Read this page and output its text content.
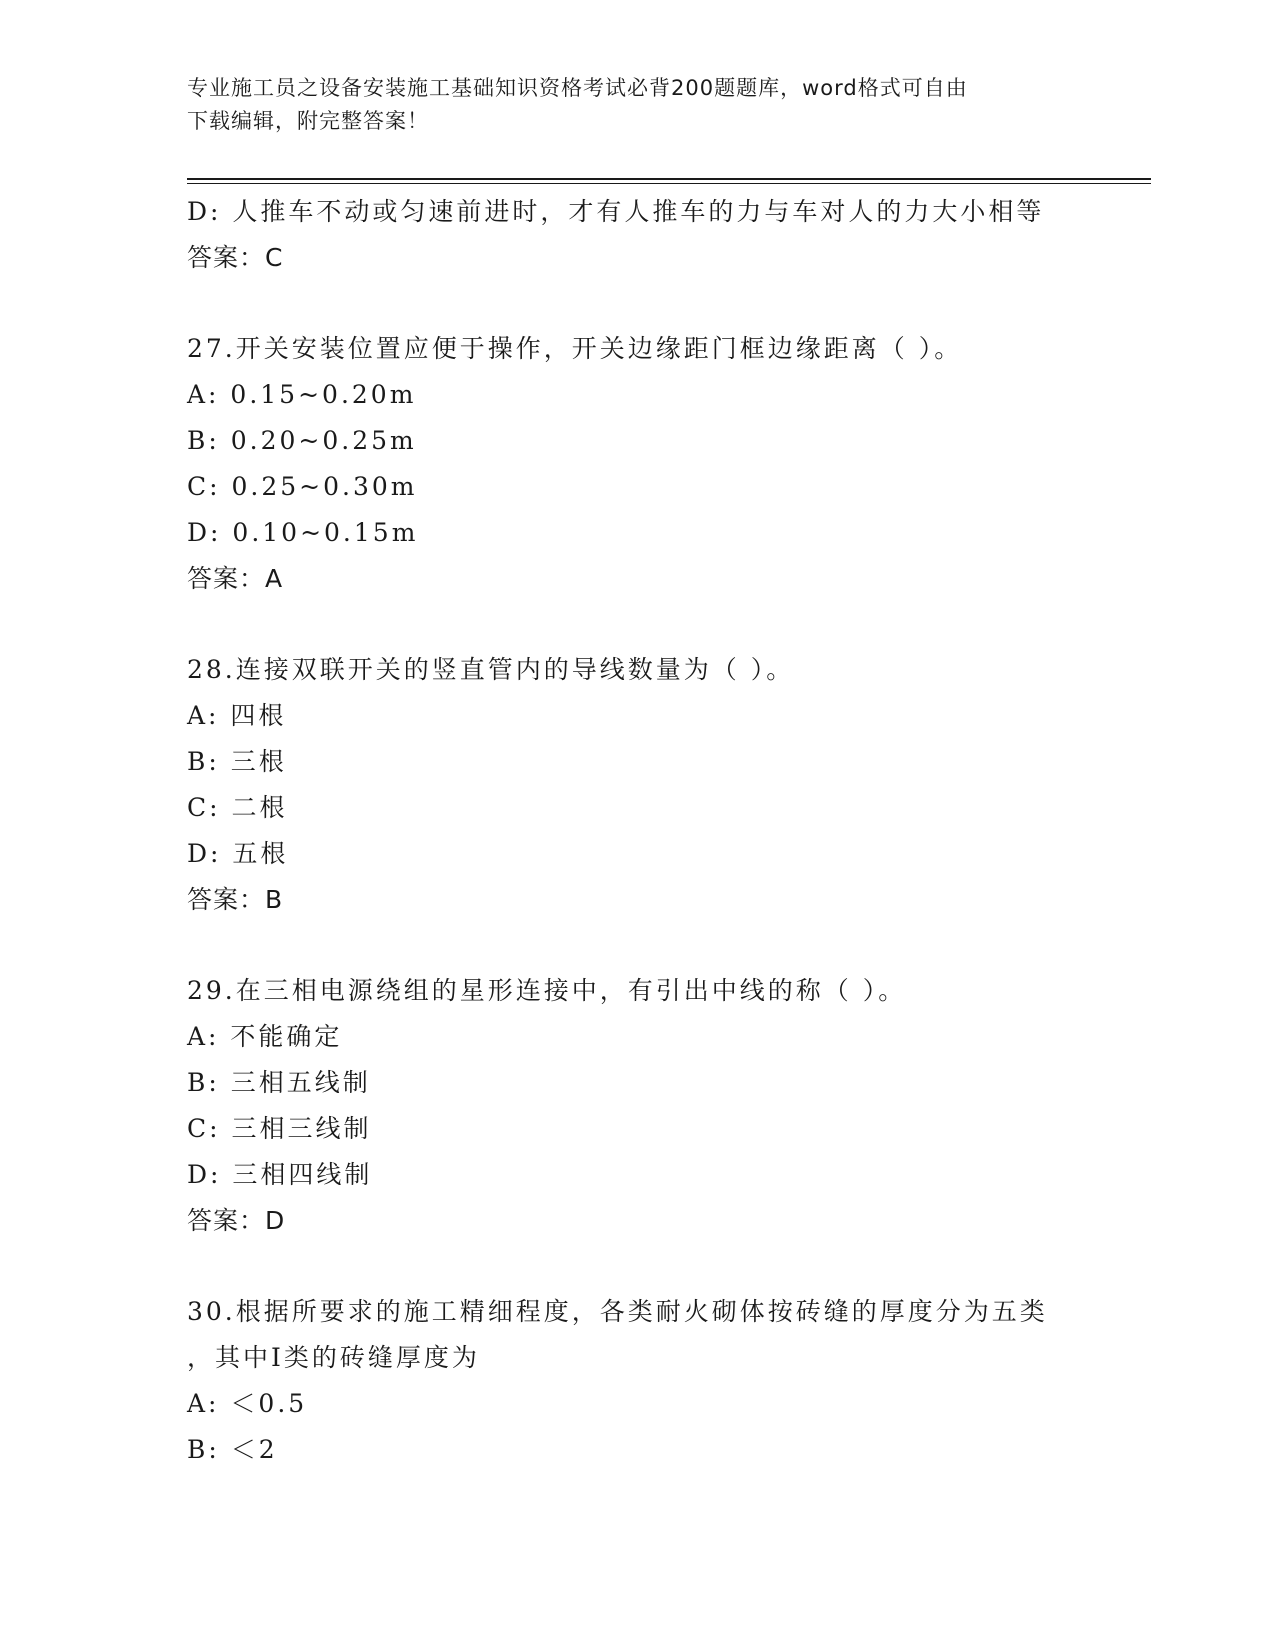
专业施工员之设备安装施工基础知识资格考试必背200题题库，word格式可自由
下载编辑，附完整答案！
D: 人推车不动或匀速前进时，才有人推车的力与车对人的力大小相等
答案：C
27.开关安装位置应便于操作，开关边缘距门框边缘距离（ ）。
A: 0.15~0.20m
B: 0.20~0.25m
C: 0.25~0.30m
D: 0.10~0.15m
答案：A
28.连接双联开关的竖直管内的导线数量为（ ）。
A: 四根
B: 三根
C: 二根
D: 五根
答案：B
29.在三相电源绕组的星形连接中，有引出中线的称（ ）。
A: 不能确定
B: 三相五线制
C: 三相三线制
D: 三相四线制
答案：D
30.根据所要求的施工精细程度，各类耐火砌体按砖缝的厚度分为五类
，其中Ⅰ类的砖缝厚度为
A: ＜0.5
B: ＜2
